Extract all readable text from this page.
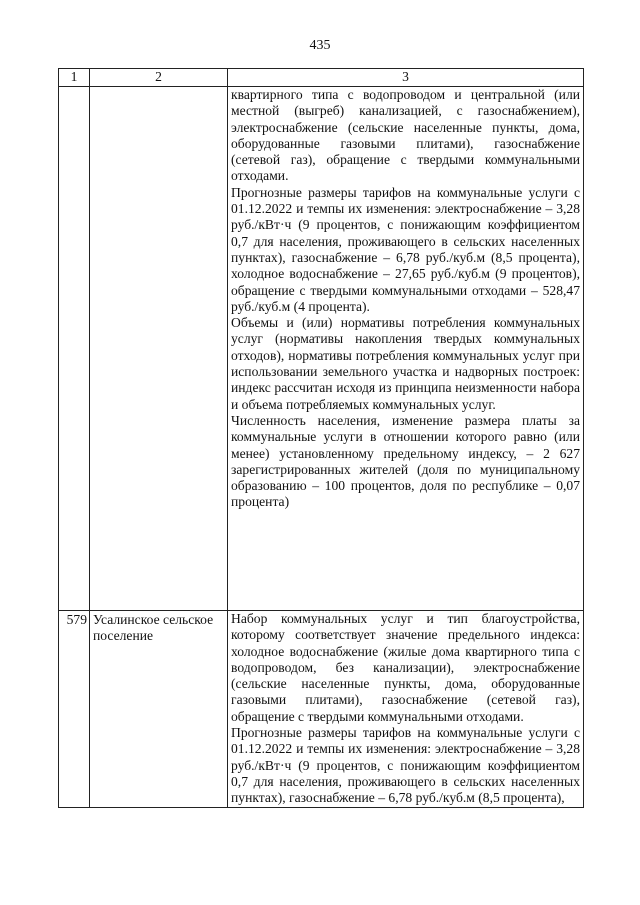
435
1	2	3

		квартирного типа с водопроводом и центральной (или местной (выгреб) канализацией, с газоснабжением), электроснабжение (сельские населенные пункты, дома, оборудованные газовыми плитами), газоснабжение (сетевой газ), обращение с твердыми коммунальными отходами.

Прогнозные размеры тарифов на коммунальные услуги с 01.12.2022 и темпы их изменения: электроснабжение – 3,28 руб./кВт·ч (9 процентов, с понижающим коэффициентом 0,7 для населения, проживающего в сельских населенных пунктах), газоснабжение – 6,78 руб./куб.м (8,5 процента), холодное водоснабжение – 27,65 руб./куб.м (9 процентов), обращение с твердыми коммунальными отходами – 528,47 руб./куб.м (4 процента).

Объемы и (или) нормативы потребления коммунальных услуг (нормативы накопления твердых коммунальных отходов), нормативы потребления коммунальных услуг при использовании земельного участка и надворных построек: индекс рассчитан исходя из принципа неизменности набора и объема потребляемых коммунальных услуг.

Численность населения, изменение размера платы за коммунальные услуги в отношении которого равно (или менее) установленному предельному индексу, – 2 627 зарегистрированных жителей (доля по муниципальному образованию – 100 процентов, доля по республике – 0,07 процента)

579	Усалинское сельское поселение	Набор коммунальных услуг и тип благоустройства, которому соответствует значение предельного индекса: холодное водоснабжение (жилые дома квартирного типа с водопроводом, без канализации), электроснабжение (сельские населенные пункты, дома, оборудованные газовыми плитами), газоснабжение (сетевой газ), обращение с твердыми коммунальными отходами.

Прогнозные размеры тарифов на коммунальные услуги с 01.12.2022 и темпы их изменения: электроснабжение – 3,28 руб./кВт·ч (9 процентов, с понижающим коэффициентом 0,7 для населения, проживающего в сельских населенных пунктах), газоснабжение – 6,78 руб./куб.м (8,5 процента),
